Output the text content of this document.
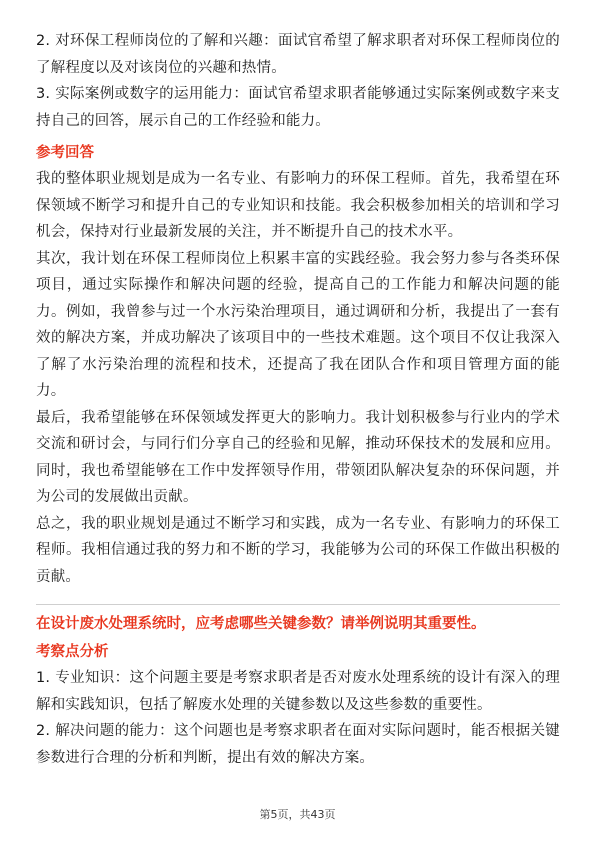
2. 对环保工程师岗位的了解和兴趣：面试官希望了解求职者对环保工程师岗位的了解程度以及对该岗位的兴趣和热情。

3. 实际案例或数字的运用能力：面试官希望求职者能够通过实际案例或数字来支持自己的回答，展示自己的工作经验和能力。

参考回答

我的整体职业规划是成为一名专业、有影响力的环保工程师。首先，我希望在环保领域不断学习和提升自己的专业知识和技能。我会积极参加相关的培训和学习机会，保持对行业最新发展的关注，并不断提升自己的技术水平。

其次，我计划在环保工程师岗位上积累丰富的实践经验。我会努力参与各类环保项目，通过实际操作和解决问题的经验，提高自己的工作能力和解决问题的能力。例如，我曾参与过一个水污染治理项目，通过调研和分析，我提出了一套有效的解决方案，并成功解决了该项目中的一些技术难题。这个项目不仅让我深入了解了水污染治理的流程和技术，还提高了我在团队合作和项目管理方面的能力。

最后，我希望能够在环保领域发挥更大的影响力。我计划积极参与行业内的学术交流和研讨会，与同行们分享自己的经验和见解，推动环保技术的发展和应用。同时，我也希望能够在工作中发挥领导作用，带领团队解决复杂的环保问题，并为公司的发展做出贡献。

总之，我的职业规划是通过不断学习和实践，成为一名专业、有影响力的环保工程师。我相信通过我的努力和不断的学习，我能够为公司的环保工作做出积极的贡献。

在设计废水处理系统时，应考虑哪些关键参数？请举例说明其重要性。
考察点分析

1. 专业知识：这个问题主要是考察求职者是否对废水处理系统的设计有深入的理解和实践知识，包括了解废水处理的关键参数以及这些参数的重要性。

2. 解决问题的能力：这个问题也是考察求职者在面对实际问题时，能否根据关键参数进行合理的分析和判断，提出有效的解决方案。

第5页，共43页
